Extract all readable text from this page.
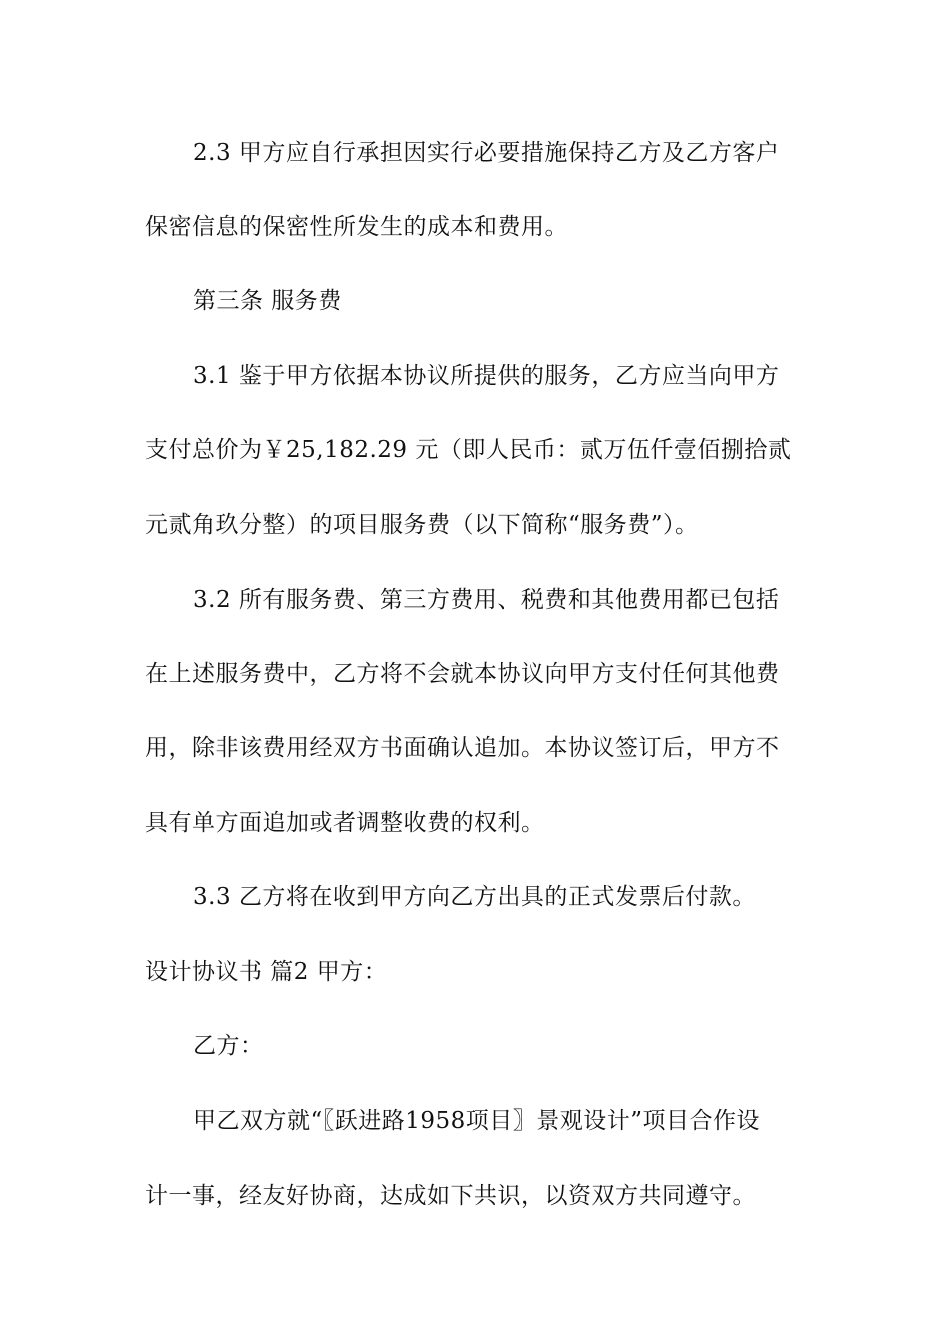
2.3 甲方应自行承担因实行必要措施保持乙方及乙方客户
保密信息的保密性所发生的成本和费用。
第三条 服务费
3.1 鉴于甲方依据本协议所提供的服务，乙方应当向甲方
支付总价为￥25,182.29 元（即人民币：贰万伍仟壹佰捌拾贰
元贰角玖分整）的项目服务费（以下简称“服务费”）。
3.2 所有服务费、第三方费用、税费和其他费用都已包括
在上述服务费中，乙方将不会就本协议向甲方支付任何其他费
用，除非该费用经双方书面确认追加。本协议签订后，甲方不
具有单方面追加或者调整收费的权利。
3.3 乙方将在收到甲方向乙方出具的正式发票后付款。
设计协议书 篇2 甲方：
乙方：
甲乙双方就“〖跃进路1958项目〗景观设计”项目合作设
计一事，经友好协商，达成如下共识，以资双方共同遵守。
